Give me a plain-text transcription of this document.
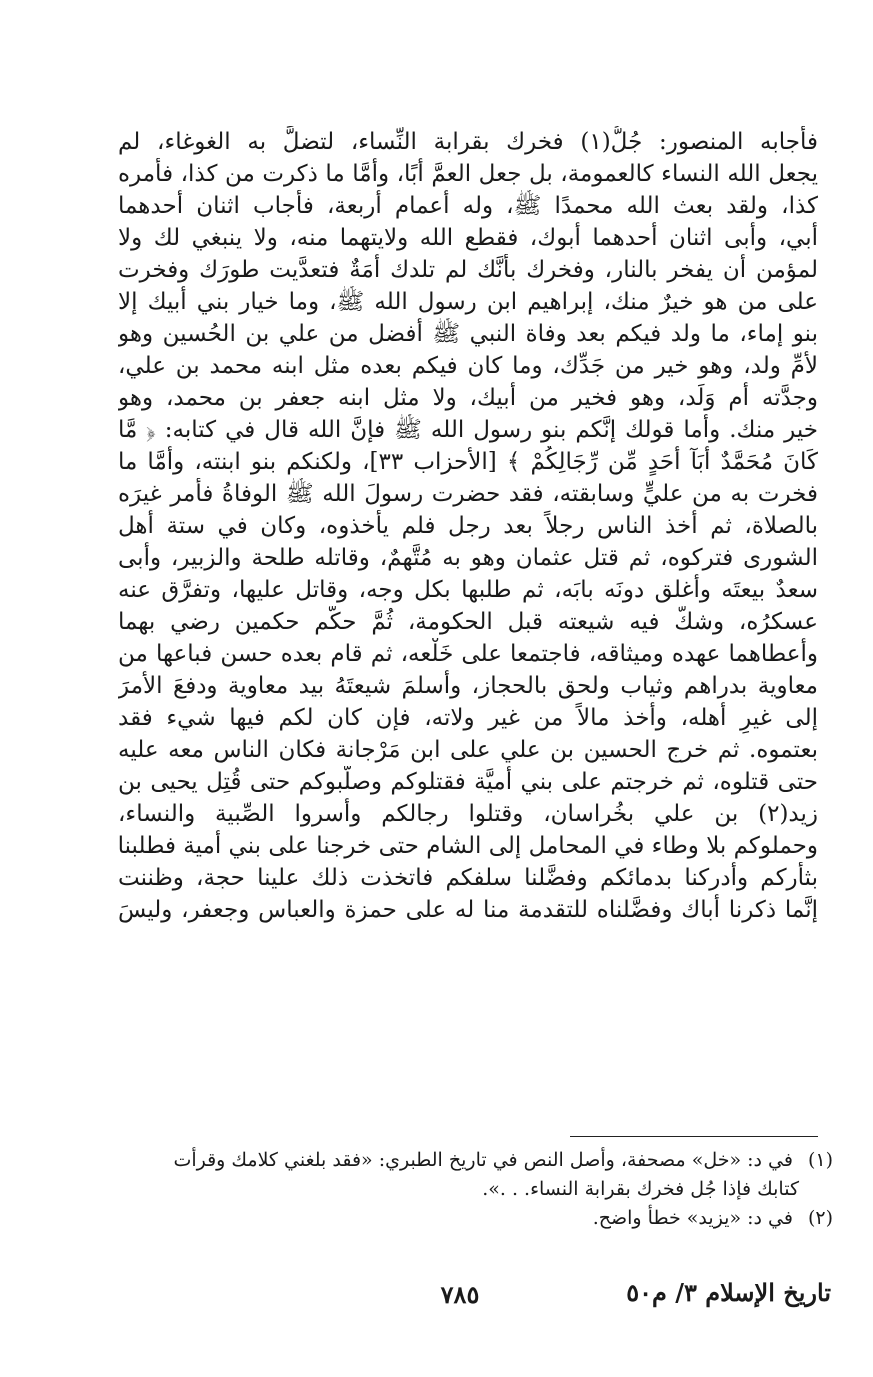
فأجابه المنصور: جُلُّ(١) فخرك بقرابة النِّساء، لتضلَّ به الغوغاء، لم
يجعل الله النساء كالعمومة، بل جعل العمَّ أبًا، وأمَّا ما ذكرت من كذا، فأمره
كذا، ولقد بعث الله محمدًا ﷺ، وله أعمام أربعة، فأجاب اثنان أحدهما
أبي، وأبى اثنان أحدهما أبوك، فقطع الله ولايتهما منه، ولا ينبغي لك ولا
لمؤمن أن يفخر بالنار، وفخرك بأنَّك لم تلدك أمَةٌ فتعدَّيت طورَك وفخرت
على من هو خيرٌ منك، إبراهيم ابن رسول الله ﷺ، وما خيار بني أبيك إلا
بنو إماء، ما ولد فيكم بعد وفاة النبي ﷺ أفضل من علي بن الحُسين وهو
لأمِّ ولد، وهو خير من جَدِّك، وما كان فيكم بعده مثل ابنه محمد بن علي،
وجدَّته أم وَلَد، وهو فخير من أبيك، ولا مثل ابنه جعفر بن محمد، وهو
خير منك. وأما قولك إنَّكم بنو رسول الله ﷺ فإنَّ الله قال في كتابه: ﴿ مَّا
كَانَ مُحَمَّدٌ أَبَآ أَحَدٍ مِّن رِّجَالِكُمْ ﴾ [الأحزاب ٣٣]، ولكنكم بنو ابنته، وأمَّا ما
فخرت به من عليٍّ وسابقته، فقد حضرت رسولَ الله ﷺ الوفاةُ فأمر غيرَه
بالصلاة، ثم أخذ الناس رجلاً بعد رجل فلم يأخذوه، وكان في ستة أهل
الشورى فتركوه، ثم قتل عثمان وهو به مُتَّهمٌ، وقاتله طلحة والزبير، وأبى
سعدٌ بيعتَه وأغلق دونَه بابَه، ثم طلبها بكل وجه، وقاتل عليها، وتفرَّق عنه
عسكرُه، وشكَّ فيه شيعته قبل الحكومة، ثُمَّ حكَّم حكمين رضي بهما
وأعطاهما عهده وميثاقه، فاجتمعا على خَلْعه، ثم قام بعده حسن فباعها من
معاوية بدراهم وثياب ولحق بالحجاز، وأسلمَ شيعتَهُ بيد معاوية ودفعَ الأمرَ
إلى غيرِ أهله، وأخذ مالاً من غير ولاته، فإن كان لكم فيها شيء فقد
بعتموه. ثم خرج الحسين بن علي على ابن مَرْجانة فكان الناس معه عليه
حتى قتلوه، ثم خرجتم على بني أميَّة فقتلوكم وصلَّبوكم حتى قُتِل يحيى بن
زيد(٢) بن علي بخُراسان، وقتلوا رجالكم وأسروا الصِّبية والنساء،
وحملوكم بلا وطاء في المحامل إلى الشام حتى خرجنا على بني أمية فطلبنا
بثأركم وأدركنا بدمائكم وفضَّلنا سلفكم فاتخذت ذلك علينا حجة، وظننت
إنَّما ذكرنا أباك وفضَّلناه للتقدمة منا له على حمزة والعباس وجعفر، وليسَ
(١) في د: «خل» مصحفة، وأصل النص في تاريخ الطبري: «فقد بلغني كلامك وقرأت
كتابك فإذا جُل فخرك بقرابة النساء. . .».
(٢) في د: «يزيد» خطأ واضح.
تاريخ الإسلام ٣/ م٥٠
٧٨٥
